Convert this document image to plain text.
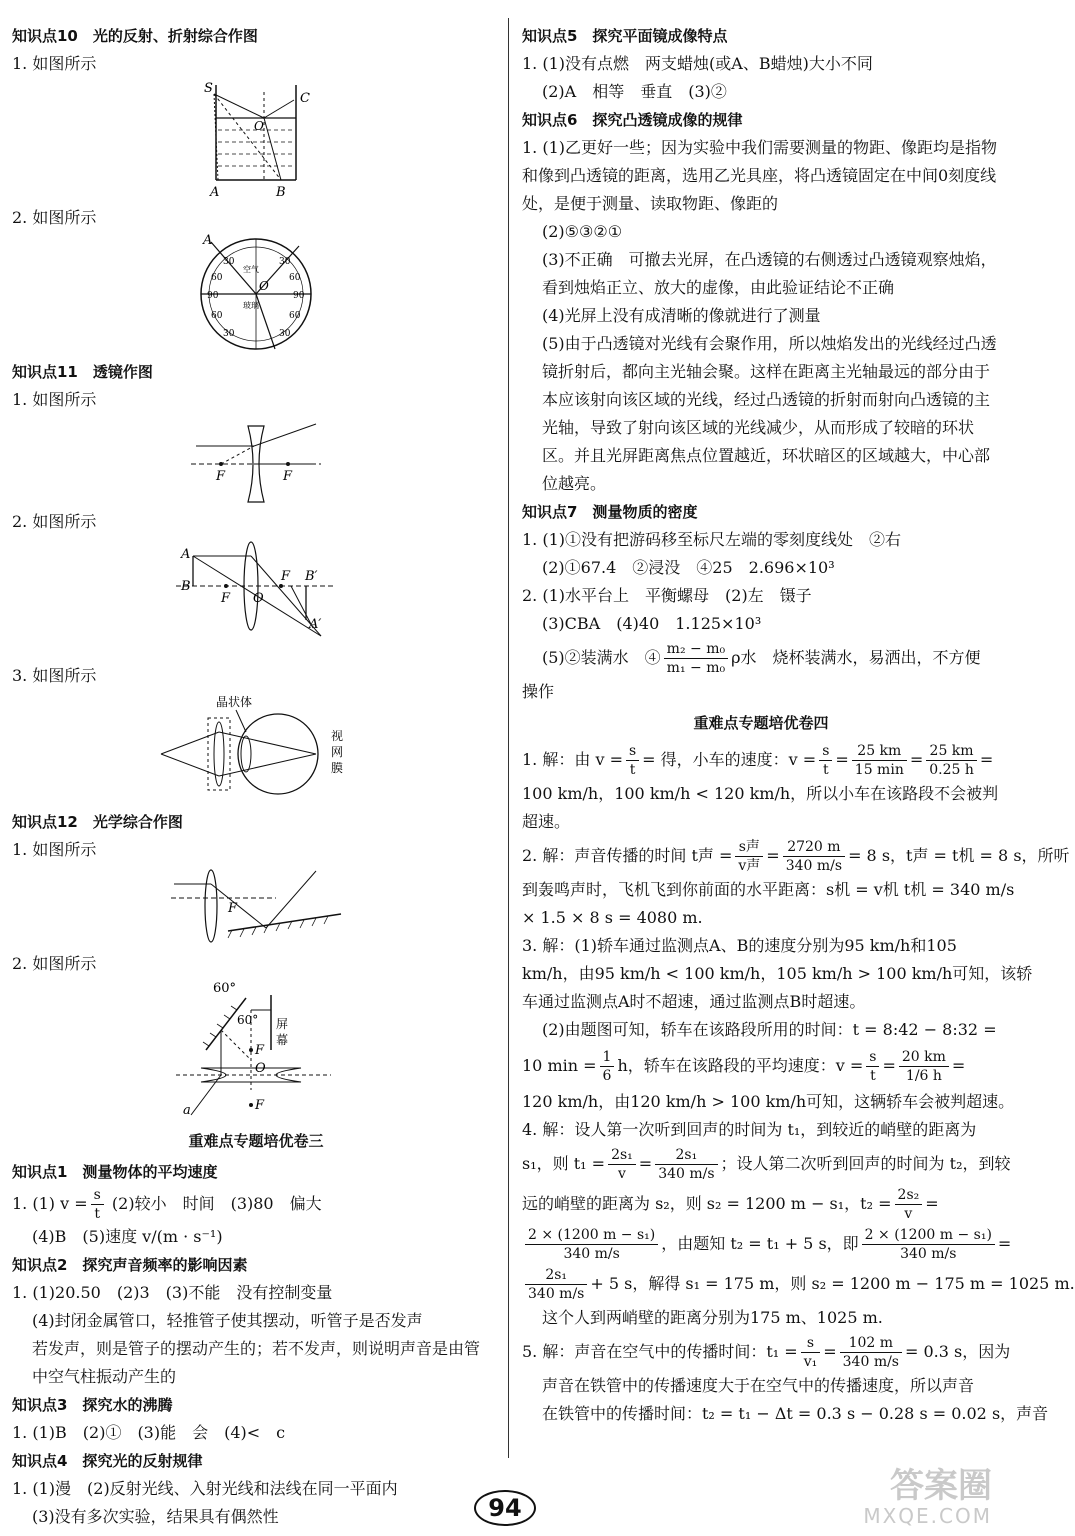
知识点10　光的反射、折射综合作图
1. 如图所示
S
C
O
A	B
2. 如图所示
A
O
空气
玻璃
30	30
60	60
90	90
60	60
30	30
知识点11　透镜作图
1. 如图所示
F	F
2. 如图所示
A
B
F O
F B′
A′
3. 如图所示
晶状体
视
网
膜
知识点12　光学综合作图
1. 如图所示
F
2. 如图所示
60°
屏
幕
60°
F
O
F
a
重难点专题培优卷三
知识点1　测量物体的平均速度
1. (1) $v = \frac{s}{t} (2)$较小　时间　(3)80　偏大
(4)B　(5)速度 v/(m · s⁻¹)
知识点2　探究声音频率的影响因素
1. (1)20.50　(2)3　(3)不能　没有控制变量
(4)封闭金属管口，轻推管子使其摆动，听管子是否发声
若发声，则是管子的摆动产生的；若不发声，则说明声音是由管
中空气柱振动产生的
知识点3　探究水的沸腾
1. (1)B　(2)①　(3)能　会　(4)<　c
知识点4　探究光的反射规律
1. (1)漫　(2)反射光线、入射光线和法线在同一平面内
(3)没有多次实验，结果具有偶然性
知识点5　探究平面镜成像特点
1. (1)没有点燃　两支蜡烛(或A、B蜡烛)大小不同
(2)A　相等　垂直　(3)②
知识点6　探究凸透镜成像的规律
1. (1)乙更好一些；因为实验中我们需要测量的物距、像距均是指物和像到凸透镜的距离，选用乙光具座，将凸透镜固定在中间0刻度线处，是便于测量、读取物距、像距的
(2)⑤③②①
(3)不正确　可撤去光屏，在凸透镜的右侧透过凸透镜观察烛焰，看到烛焰正立、放大的虚像，由此验证结论不正确
(4)光屏上没有成清晰的像就进行了测量
(5)由于凸透镜对光线有会聚作用，所以烛焰发出的光线经过凸透镜折射后，都向主光轴会聚。这样在距离主光轴最远的部分由于本应该射向该区域的光线，经过凸透镜的折射而射向凸透镜的主光轴，导致了射向该区域的光线减少，从而形成了较暗的环状区。并且光屏距离焦点位置越近，环状暗区的区域越大，中心部位越亮。
知识点7　测量物质的密度
1. (1)①没有把游码移至标尺左端的零刻度线处　②右
(2)①67.4　②浸没　④25　2.696×10³
2. (1)水平台上　平衡螺母　(2)左　镊子
(3)CBA　(4)40　1.125×10³
(5)②装满水　④ $\frac{\text{m₂ − m₀}}{\text{m₁ − m₀}}$ ρ水　烧杯装满水，易洒出，不方便
操作
重难点专题培优卷四
1. 解：由 $v = \frac{s}{t}$ = 得，小车的速度：$v = \frac{s}{t} = \frac{25 km}{15 \min} = \frac{25 km}{0.25 h}$ =
100 km/h，100 km/h < 120 km/h，所以小车在该路段不会被判
超速。
2. 解：声音传播的时间 t声 = $\frac{\text{s声}}{\text{v声}} = \frac{2720 m}{340 m/s} = 8$ s，t声 = t机 = 8 s，所听
到轰鸣声时，飞机飞到你前面的水平距离：s机 = v机 t机 = 340 m/s
× 1.5 × 8 s = 4080 m.
3. 解：(1)轿车通过监测点A、B的速度分别为95 km/h和105
km/h，由95 km/h < 100 km/h，105 km/h > 100 km/h可知，该轿
车通过监测点A时不超速，通过监测点B时超速。
(2)由题图可知，轿车在该路段所用的时间：t = 8:42 − 8:32 =
10 $\min = \frac{1}{6}$ h，轿车在该路段的平均速度：$v = \frac{s}{t} = \frac{20 km}{1/6 h}$ =
120 km/h，由120 km/h > 100 km/h可知，这辆轿车会被判超速。
4. 解：设人第一次听到回声的时间为 t₁，到较近的峭壁的距离为
s₁，则 $t_1 = \frac{\text{2s₁}}{v} = \frac{\text{2s₁}}{340 m/s}$ ；设人第二次听到回声的时间为 t₂，到较
远的峭壁的距离为 s₂，则 s₂ = 1200 m − s₁，$t_2 = \frac{\text{2s₂}}{v}$ =
$\frac{\text{2 × (1200 m − s₁)}}{340 m/s}$ ，由题知 t₂ = t₁ + 5 s，即 $\frac{\text{2 × (1200 m − s₁)}}{340 m/s}$ =
$\frac{\text{2s₁}}{340 m/s} + 5$ s，解得 s₁ = 175 m，则 s₂ = 1200 m − 175 m = 1025 m.
这个人到两峭壁的距离分别为175 m、1025 m.
5. 解：声音在空气中的传播时间：$t_1 = \frac{s}{\text{v₁}} = \frac{102 m}{340 m/s} = 0.3$ s，因为
声音在铁管中的传播速度大于在空气中的传播速度，所以声音
在铁管中的传播时间：t₂ = t₁ − Δt = 0.3 s − 0.28 s = 0.02 s，声音
94
答案圈
MXQE.COM
